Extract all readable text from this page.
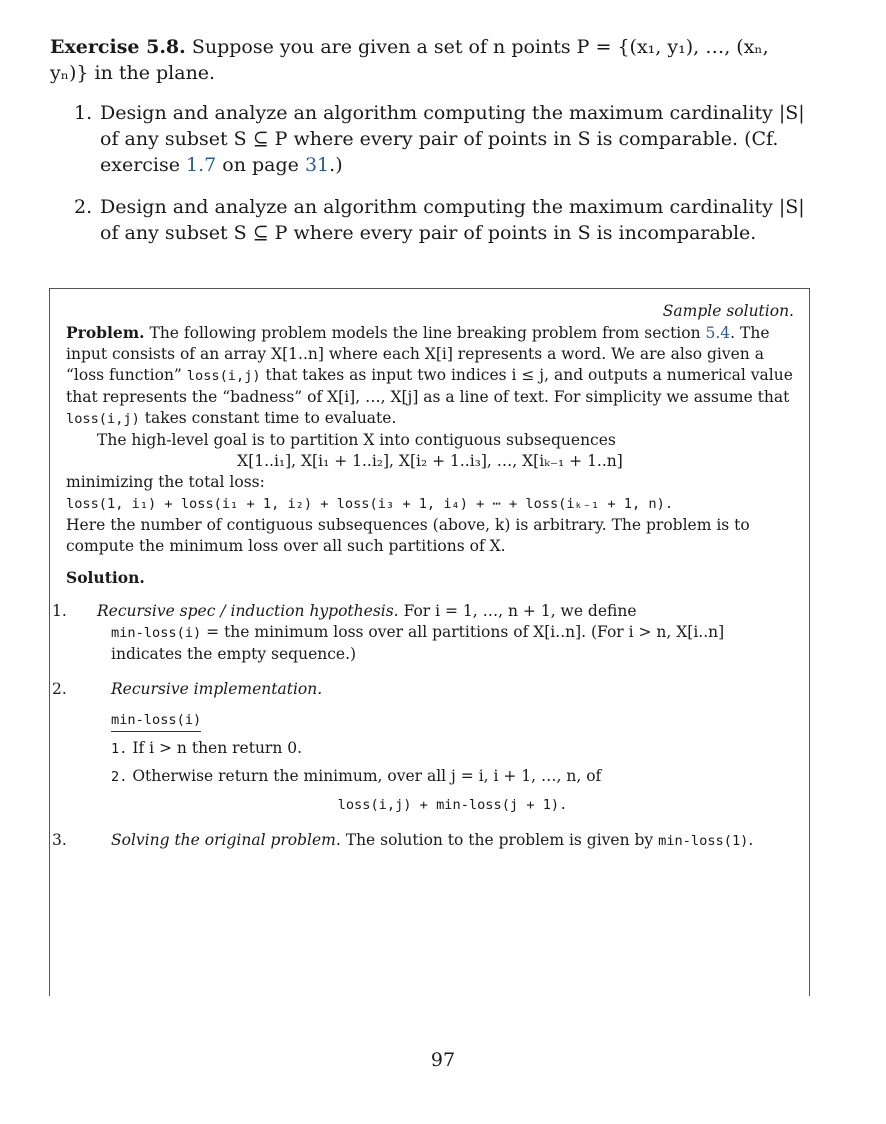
Exercise 5.8. Suppose you are given a set of n points P = {(x₁, y₁), …, (xₙ, yₙ)} in the plane.

1. Design and analyze an algorithm computing the maximum cardinality |S| of any subset S ⊆ P where every pair of points in S is comparable. (Cf. exercise 1.7 on page 31.)
2. Design and analyze an algorithm computing the maximum cardinality |S| of any subset S ⊆ P where every pair of points in S is incomparable.

Sample solution.

Problem. The following problem models the line breaking problem from section 5.4. The input consists of an array X[1..n] where each X[i] represents a word. We are also given a “loss function” loss(i,j) that takes as input two indices i ≤ j, and outputs a numerical value that represents the “badness” of X[i], …, X[j] as a line of text. For simplicity we assume that loss(i,j) takes constant time to evaluate.

The high-level goal is to partition X into contiguous subsequences

X[1..i₁], X[i₁ + 1..i₂], X[i₂ + 1..i₃], …, X[iₖ₋₁ + 1..n]

minimizing the total loss:

loss(1, i₁) + loss(i₁ + 1, i₂) + loss(i₃ + 1, i₄) + ⋯ + loss(iₖ₋₁ + 1, n).

Here the number of contiguous subsequences (above, k) is arbitrary. The problem is to compute the minimum loss over all such partitions of X.

Solution.

1. Recursive spec / induction hypothesis. For i = 1, …, n + 1, we define

min-loss(i) = the minimum loss over all partitions of X[i..n]. (For i > n, X[i..n] indicates the empty sequence.)

2.	Recursive implementation.
min-loss(i)
1. If i > n then return 0.
2. Otherwise return the minimum, over all j = i, i + 1, …, n, of

loss(i,j) + min-loss(j + 1).

3.	Solving the original problem. The solution to the problem is given by min-loss(1).
97
